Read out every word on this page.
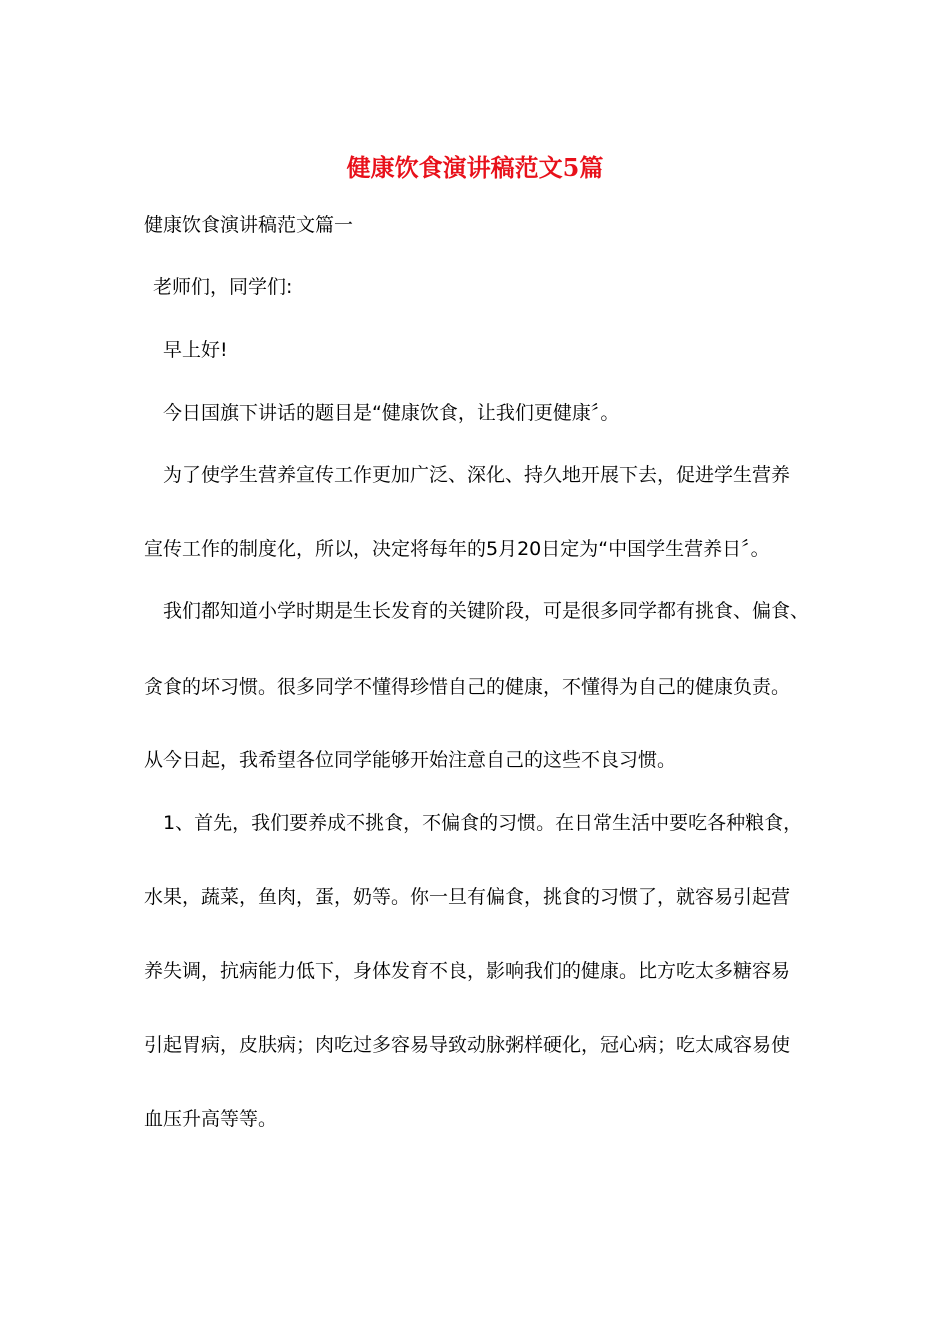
健康饮食演讲稿范文5篇
健康饮食演讲稿范文篇一
老师们，同学们:
早上好!
今日国旗下讲话的题目是“健康饮食，让我们更健康〞。
为了使学生营养宣传工作更加广泛、深化、持久地开展下去，促进学生营养
宣传工作的制度化，所以，决定将每年的5月20日定为“中国学生营养日〞。
我们都知道小学时期是生长发育的关键阶段，可是很多同学都有挑食、偏食、
贪食的坏习惯。很多同学不懂得珍惜自己的健康，不懂得为自己的健康负责。
从今日起，我希望各位同学能够开始注意自己的这些不良习惯。
1、首先，我们要养成不挑食，不偏食的习惯。在日常生活中要吃各种粮食，
水果，蔬菜，鱼肉，蛋，奶等。你一旦有偏食，挑食的习惯了，就容易引起营
养失调，抗病能力低下，身体发育不良，影响我们的健康。比方吃太多糖容易
引起胃病，皮肤病；肉吃过多容易导致动脉粥样硬化，冠心病；吃太咸容易使
血压升高等等。
